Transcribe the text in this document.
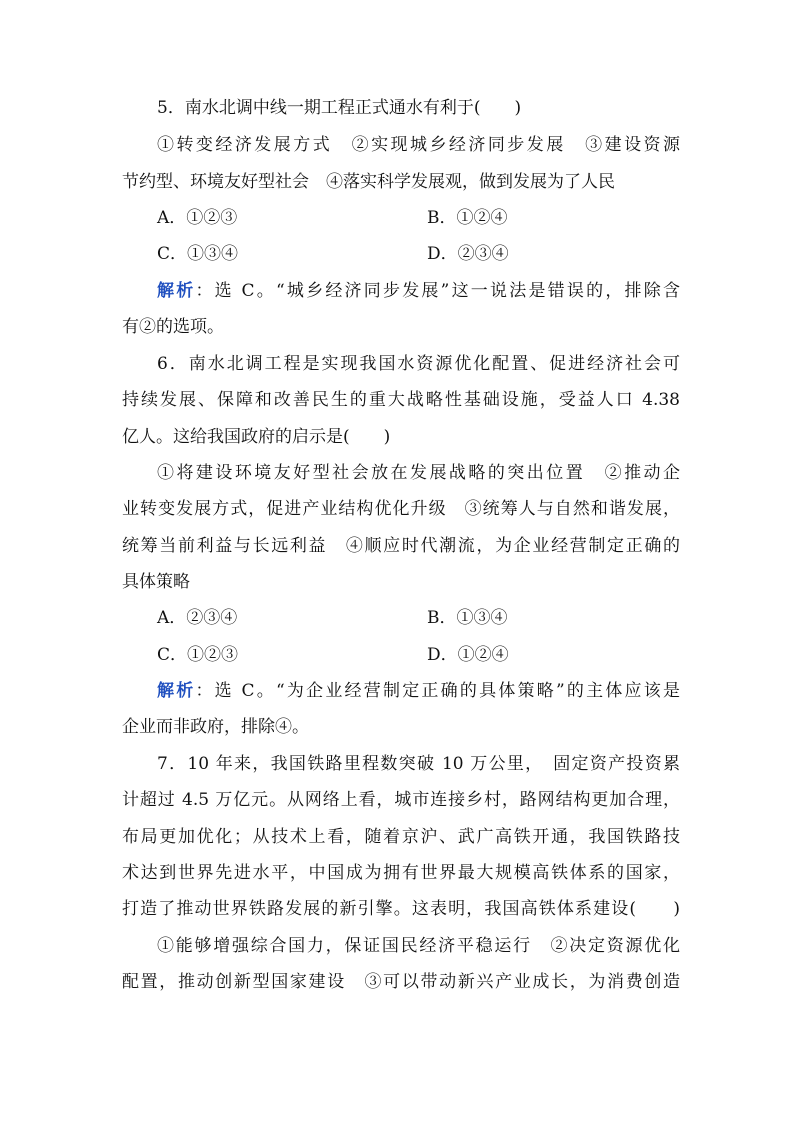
5．南水北调中线一期工程正式通水有利于(　　)
①转变经济发展方式　②实现城乡经济同步发展　③建设资源
节约型、环境友好型社会　④落实科学发展观，做到发展为了人民
A．①②③	B．①②④
C．①③④	D．②③④
解析：选 C。“城乡经济同步发展”这一说法是错误的，排除含
有②的选项。
6．南水北调工程是实现我国水资源优化配置、促进经济社会可
持续发展、保障和改善民生的重大战略性基础设施，受益人口 4.38
亿人。这给我国政府的启示是(　　)
①将建设环境友好型社会放在发展战略的突出位置　②推动企
业转变发展方式，促进产业结构优化升级　③统筹人与自然和谐发展，
统筹当前利益与长远利益　④顺应时代潮流，为企业经营制定正确的
具体策略
A．②③④	B．①③④
C．①②③	D．①②④
解析：选 C。“为企业经营制定正确的具体策略”的主体应该是
企业而非政府，排除④。
7．10 年来，我国铁路里程数突破 10 万公里，　固定资产投资累
计超过 4.5 万亿元。从网络上看，城市连接乡村，路网结构更加合理，
布局更加优化；从技术上看，随着京沪、武广高铁开通，我国铁路技
术达到世界先进水平，中国成为拥有世界最大规模高铁体系的国家，
打造了推动世界铁路发展的新引擎。这表明，我国高铁体系建设(　　)
①能够增强综合国力，保证国民经济平稳运行　②决定资源优化
配置，推动创新型国家建设　③可以带动新兴产业成长，为消费创造
